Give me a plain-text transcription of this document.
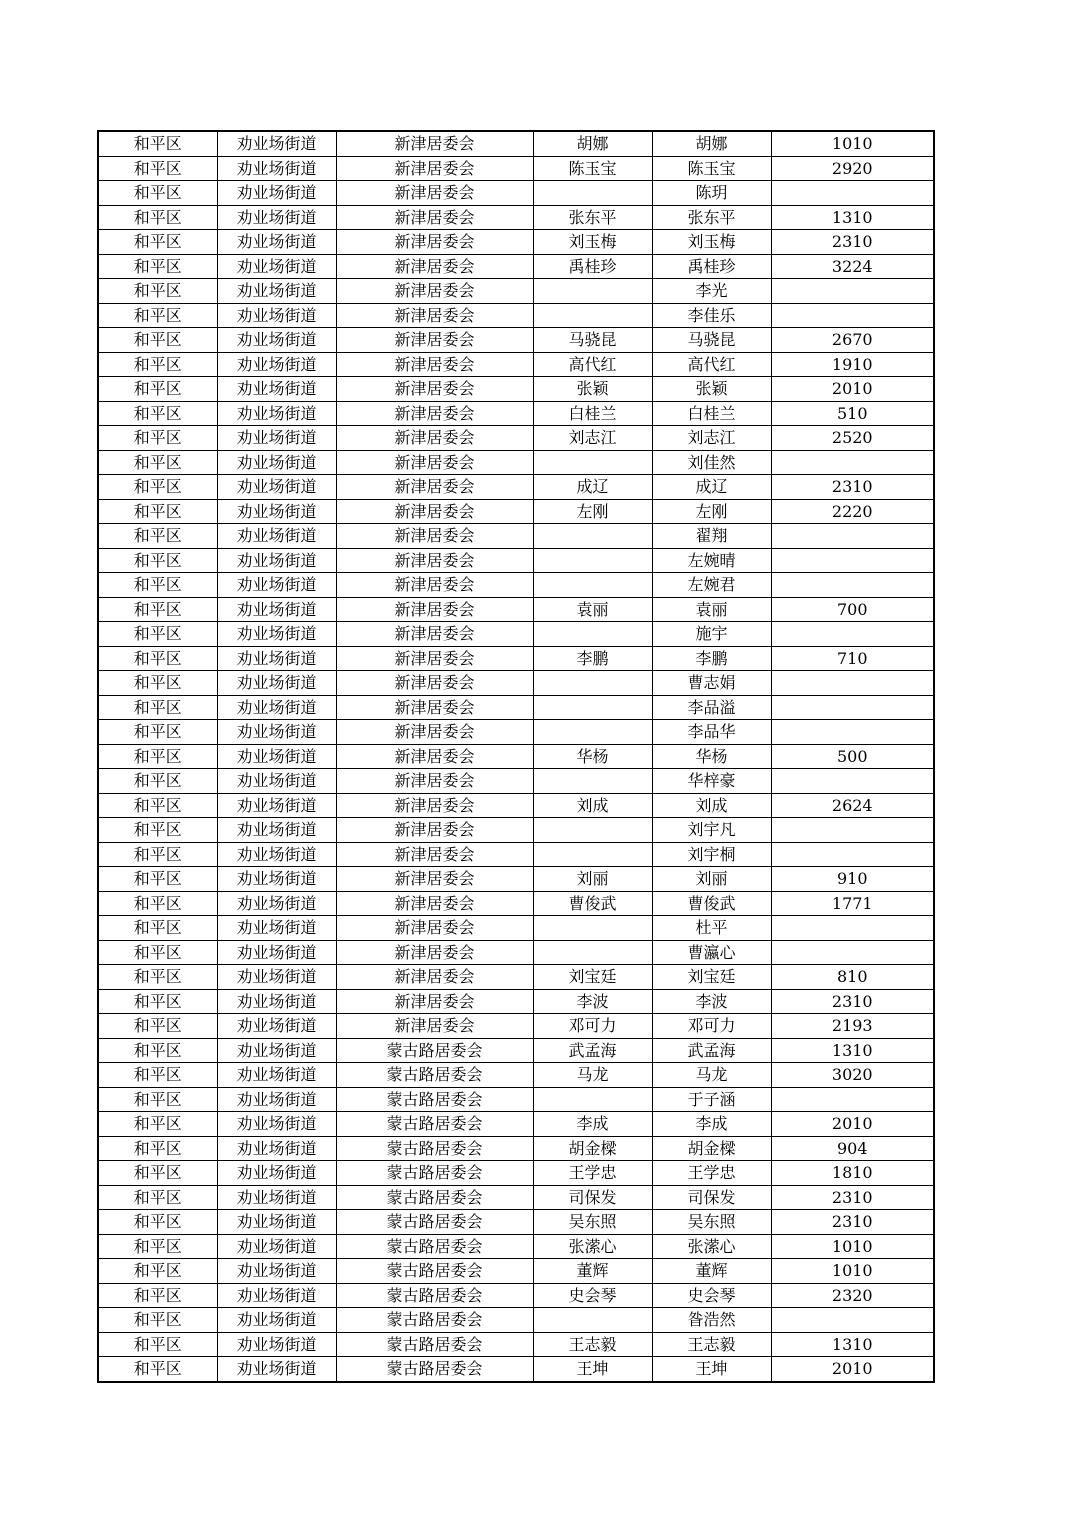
和平区	劝业场街道	新津居委会	胡娜	胡娜	1010
和平区	劝业场街道	新津居委会	陈玉宝	陈玉宝	2920
和平区	劝业场街道	新津居委会		陈玥	
和平区	劝业场街道	新津居委会	张东平	张东平	1310
和平区	劝业场街道	新津居委会	刘玉梅	刘玉梅	2310
和平区	劝业场街道	新津居委会	禹桂珍	禹桂珍	3224
和平区	劝业场街道	新津居委会		李光	
和平区	劝业场街道	新津居委会		李佳乐	
和平区	劝业场街道	新津居委会	马骁昆	马骁昆	2670
和平区	劝业场街道	新津居委会	高代红	高代红	1910
和平区	劝业场街道	新津居委会	张颖	张颖	2010
和平区	劝业场街道	新津居委会	白桂兰	白桂兰	510
和平区	劝业场街道	新津居委会	刘志江	刘志江	2520
和平区	劝业场街道	新津居委会		刘佳然	
和平区	劝业场街道	新津居委会	成辽	成辽	2310
和平区	劝业场街道	新津居委会	左刚	左刚	2220
和平区	劝业场街道	新津居委会		翟翔	
和平区	劝业场街道	新津居委会		左婉晴	
和平区	劝业场街道	新津居委会		左婉君	
和平区	劝业场街道	新津居委会	袁丽	袁丽	700
和平区	劝业场街道	新津居委会		施宇	
和平区	劝业场街道	新津居委会	李鹏	李鹏	710
和平区	劝业场街道	新津居委会		曹志娟	
和平区	劝业场街道	新津居委会		李品溢	
和平区	劝业场街道	新津居委会		李品华	
和平区	劝业场街道	新津居委会	华杨	华杨	500
和平区	劝业场街道	新津居委会		华梓豪	
和平区	劝业场街道	新津居委会	刘成	刘成	2624
和平区	劝业场街道	新津居委会		刘宇凡	
和平区	劝业场街道	新津居委会		刘宇桐	
和平区	劝业场街道	新津居委会	刘丽	刘丽	910
和平区	劝业场街道	新津居委会	曹俊武	曹俊武	1771
和平区	劝业场街道	新津居委会		杜平	
和平区	劝业场街道	新津居委会		曹瀛心	
和平区	劝业场街道	新津居委会	刘宝廷	刘宝廷	810
和平区	劝业场街道	新津居委会	李波	李波	2310
和平区	劝业场街道	新津居委会	邓可力	邓可力	2193
和平区	劝业场街道	蒙古路居委会	武孟海	武孟海	1310
和平区	劝业场街道	蒙古路居委会	马龙	马龙	3020
和平区	劝业场街道	蒙古路居委会		于子涵	
和平区	劝业场街道	蒙古路居委会	李成	李成	2010
和平区	劝业场街道	蒙古路居委会	胡金樑	胡金樑	904
和平区	劝业场街道	蒙古路居委会	王学忠	王学忠	1810
和平区	劝业场街道	蒙古路居委会	司保发	司保发	2310
和平区	劝业场街道	蒙古路居委会	吴东照	吴东照	2310
和平区	劝业场街道	蒙古路居委会	张潆心	张潆心	1010
和平区	劝业场街道	蒙古路居委会	董辉	董辉	1010
和平区	劝业场街道	蒙古路居委会	史会琴	史会琴	2320
和平区	劝业场街道	蒙古路居委会		昝浩然	
和平区	劝业场街道	蒙古路居委会	王志毅	王志毅	1310
和平区	劝业场街道	蒙古路居委会	王坤	王坤	2010
